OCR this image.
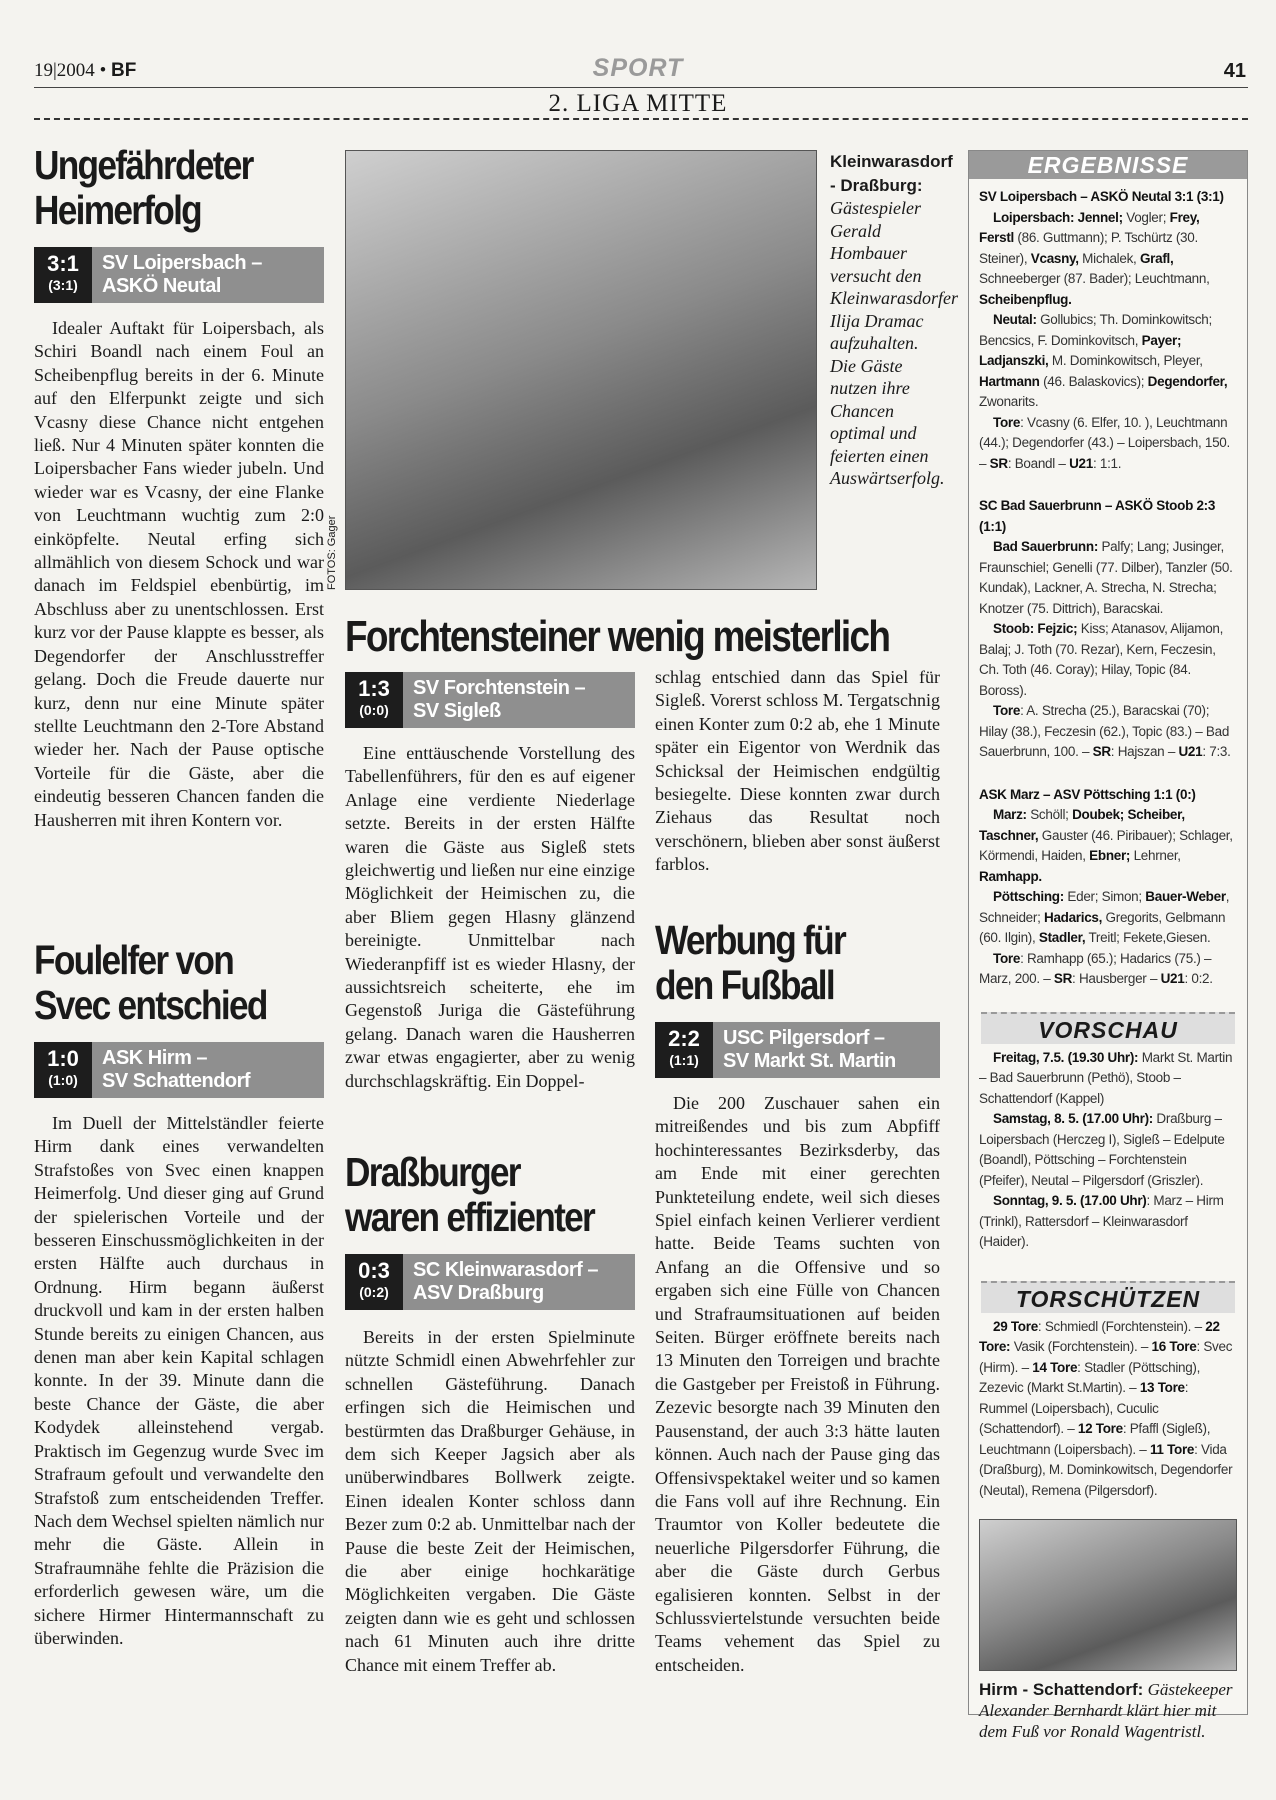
19|2004 • BF	SPORT	41
2. LIGA MITTE
Ungefährdeter
Heimerfolg
3:1
(3:1)
SV Loipersbach –
ASKÖ Neutal

Idealer Auftakt für Loipersbach, als Schiri Boandl nach einem Foul an Scheibenpflug bereits in der 6. Minute auf den Elferpunkt zeigte und sich Vcasny diese Chance nicht entgehen ließ. Nur 4 Minuten später konnten die Loipersbacher Fans wieder jubeln. Und wieder war es Vcasny, der eine Flanke von Leuchtmann wuchtig zum 2:0 einköpfelte. Neutal erfing sich allmählich von diesem Schock und war danach im Feldspiel ebenbürtig, im Abschluss aber zu unentschlossen. Erst kurz vor der Pause klappte es besser, als Degendorfer der Anschlusstreffer gelang. Doch die Freude dauerte nur kurz, denn nur eine Minute später stellte Leuchtmann den 2-Tore Abstand wieder her. Nach der Pause optische Vorteile für die Gäste, aber die eindeutig besseren Chancen fanden die Hausherren mit ihren Kontern vor.

Foulelfer von
Svec entschied
1:0
(1:0)
ASK Hirm –
SV Schattendorf

Im Duell der Mittelständler feierte Hirm dank eines verwandelten Strafstoßes von Svec einen knappen Heimerfolg. Und dieser ging auf Grund der spielerischen Vorteile und der besseren Einschussmöglichkeiten in der ersten Hälfte auch durchaus in Ordnung. Hirm begann äußerst druckvoll und kam in der ersten halben Stunde bereits zu einigen Chancen, aus denen man aber kein Kapital schlagen konnte. In der 39. Minute dann die beste Chance der Gäste, die aber Kodydek alleinstehend vergab. Praktisch im Gegenzug wurde Svec im Strafraum gefoult und verwandelte den Strafstoß zum entscheidenden Treffer. Nach dem Wechsel spielten nämlich nur mehr die Gäste. Allein in Strafraumnähe fehlte die Präzision die erforderlich gewesen wäre, um die sichere Hirmer Hintermannschaft zu überwinden.

FOTOS: Gager
Kleinwarasdorf - Draßburg: Gästespieler Gerald Hombauer versucht den Kleinwarasdorfer Ilija Dramac aufzuhalten. Die Gäste nutzen ihre Chancen optimal und feierten einen Auswärtserfolg.
Forchtensteiner wenig meisterlich
1:3
(0:0)
SV Forchtenstein –
SV Sigleß

Eine enttäuschende Vorstellung des Tabellenführers, für den es auf eigener Anlage eine verdiente Niederlage setzte. Bereits in der ersten Hälfte waren die Gäste aus Sigleß stets gleichwertig und ließen nur eine einzige Möglichkeit der Heimischen zu, die aber Bliem gegen Hlasny glänzend bereinigte. Unmittelbar nach Wiederanpfiff ist es wieder Hlasny, der aussichtsreich scheiterte, ehe im Gegenstoß Juriga die Gästeführung gelang. Danach waren die Hausherren zwar etwas engagierter, aber zu wenig durchschlagskräftig. Ein Doppel-

schlag entschied dann das Spiel für Sigleß. Vorerst schloss M. Tergatschnig einen Konter zum 0:2 ab, ehe 1 Minute später ein Eigentor von Werdnik das Schicksal der Heimischen endgültig besiegelte. Diese konnten zwar durch Ziehaus das Resultat noch verschönern, blieben aber sonst äußerst farblos.

Draßburger
waren effizienter
0:3
(0:2)
SC Kleinwarasdorf –
ASV Draßburg

Bereits in der ersten Spielminute nützte Schmidl einen Abwehrfehler zur schnellen Gästeführung. Danach erfingen sich die Heimischen und bestürmten das Draßburger Gehäuse, in dem sich Keeper Jagsich aber als unüberwindbares Bollwerk zeigte. Einen idealen Konter schloss dann Bezer zum 0:2 ab. Unmittelbar nach der Pause die beste Zeit der Heimischen, die aber einige hochkarätige Möglichkeiten vergaben. Die Gäste zeigten dann wie es geht und schlossen nach 61 Minuten auch ihre dritte Chance mit einem Treffer ab.

Werbung für
den Fußball
2:2
(1:1)
USC Pilgersdorf –
SV Markt St. Martin

Die 200 Zuschauer sahen ein mitreißendes und bis zum Abpfiff hochinteressantes Bezirksderby, das am Ende mit einer gerechten Punkteteilung endete, weil sich dieses Spiel einfach keinen Verlierer verdient hatte. Beide Teams suchten von Anfang an die Offensive und so ergaben sich eine Fülle von Chancen und Strafraumsituationen auf beiden Seiten. Bürger eröffnete bereits nach 13 Minuten den Torreigen und brachte die Gastgeber per Freistoß in Führung. Zezevic besorgte nach 39 Minuten den Pausenstand, der auch 3:3 hätte lauten können. Auch nach der Pause ging das Offensivspektakel weiter und so kamen die Fans voll auf ihre Rechnung. Ein Traumtor von Koller bedeutete die neuerliche Pilgersdorfer Führung, die aber die Gäste durch Gerbus egalisieren konnten. Selbst in der Schlussviertelstunde versuchten beide Teams vehement das Spiel zu entscheiden.

ERGEBNISSE
SV Loipersbach – ASKÖ Neutal 3:1 (3:1)

Loipersbach: Jennel; Vogler; Frey, Ferstl (86. Guttmann); P. Tschürtz (30. Steiner), Vcasny, Michalek, Grafl, Schneeberger (87. Bader); Leuchtmann, Scheibenpflug.

Neutal: Gollubics; Th. Dominkowitsch; Bencsics, F. Dominkovitsch, Payer; Ladjanszki, M. Dominkowitsch, Pleyer, Hartmann (46. Balaskovics); Degendorfer, Zwonarits.

Tore: Vcasny (6. Elfer, 10. ), Leuchtmann (44.); Degendorfer (43.) – Loipersbach, 150. – SR: Boandl – U21: 1:1.

SC Bad Sauerbrunn – ASKÖ Stoob 2:3 (1:1)

Bad Sauerbrunn: Palfy; Lang; Jusinger, Fraunschiel; Genelli (77. Dilber), Tanzler (50. Kundak), Lackner, A. Strecha, N. Strecha; Knotzer (75. Dittrich), Baracskai.

Stoob: Fejzic; Kiss; Atanasov, Alijamon, Balaj; J. Toth (70. Rezar), Kern, Feczesin, Ch. Toth (46. Coray); Hilay, Topic (84. Boross).

Tore: A. Strecha (25.), Baracskai (70); Hilay (38.), Feczesin (62.), Topic (83.) – Bad Sauerbrunn, 100. – SR: Hajszan – U21: 7:3.

ASK Marz – ASV Pöttsching 1:1 (0:)

Marz: Schöll; Doubek; Scheiber, Taschner, Gauster (46. Piribauer); Schlager, Körmendi, Haiden, Ebner; Lehrner, Ramhapp.

Pöttsching: Eder; Simon; Bauer-Weber, Schneider; Hadarics, Gregorits, Gelbmann (60. Ilgin), Stadler, Treitl; Fekete,Giesen.

Tore: Ramhapp (65.); Hadarics (75.) – Marz, 200. – SR: Hausberger – U21: 0:2.

VORSCHAU

Freitag, 7.5. (19.30 Uhr): Markt St. Martin – Bad Sauerbrunn (Pethö), Stoob – Schattendorf (Kappel)

Samstag, 8. 5. (17.00 Uhr): Draßburg – Loipersbach (Herczeg I), Sigleß – Edelpute (Boandl), Pöttsching – Forchtenstein (Pfeifer), Neutal – Pilgersdorf (Griszler).

Sonntag, 9. 5. (17.00 Uhr): Marz – Hirm (Trinkl), Rattersdorf – Kleinwarasdorf (Haider).

TORSCHÜTZEN

29 Tore: Schmiedl (Forchtenstein). – 22 Tore: Vasik (Forchtenstein). – 16 Tore: Svec (Hirm). – 14 Tore: Stadler (Pöttsching), Zezevic (Markt St.Martin). – 13 Tore: Rummel (Loipersbach), Cuculic (Schattendorf). – 12 Tore: Pfaffl (Sigleß), Leuchtmann (Loipersbach). – 11 Tore: Vida (Draßburg), M. Dominkowitsch, Degendorfer (Neutal), Remena (Pilgersdorf).

Hirm - Schattendorf: Gästekeeper Alexander Bernhardt klärt hier mit dem Fuß vor Ronald Wagentristl.
